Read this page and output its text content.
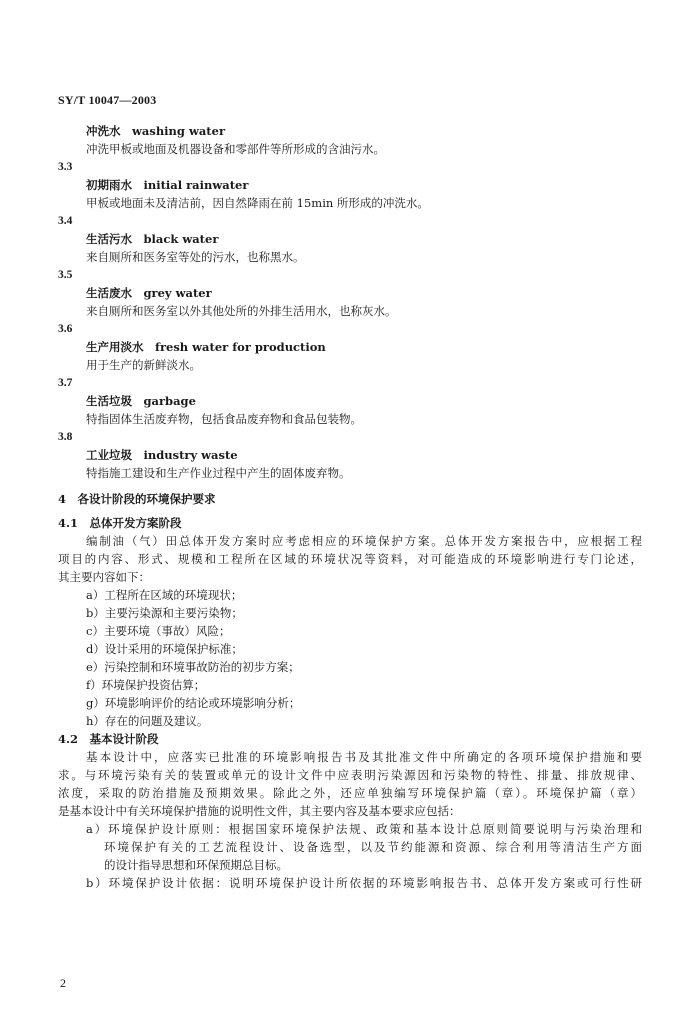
SY/T 10047—2003
冲洗水　washing water
冲洗甲板或地面及机器设备和零部件等所形成的含油污水。
3.3
初期雨水　initial rainwater
甲板或地面未及清洁前，因自然降雨在前 15min 所形成的冲洗水。
3.4
生活污水　black water
来自厕所和医务室等处的污水，也称黑水。
3.5
生活废水　grey water
来自厕所和医务室以外其他处所的外排生活用水，也称灰水。
3.6
生产用淡水　fresh water for production
用于生产的新鲜淡水。
3.7
生活垃圾　garbage
特指固体生活废弃物，包括食品废弃物和食品包装物。
3.8
工业垃圾　industry waste
特指施工建设和生产作业过程中产生的固体废弃物。
4　各设计阶段的环境保护要求
4.1　总体开发方案阶段
编制油（气）田总体开发方案时应考虑相应的环境保护方案。总体开发方案报告中，应根据工程
项目的内容、形式、规模和工程所在区域的环境状况等资料，对可能造成的环境影响进行专门论述，
其主要内容如下：
a）工程所在区域的环境现状；
b）主要污染源和主要污染物；
c）主要环境（事故）风险；
d）设计采用的环境保护标准；
e）污染控制和环境事故防治的初步方案；
f）环境保护投资估算；
g）环境影响评价的结论或环境影响分析；
h）存在的问题及建议。
4.2　基本设计阶段
基本设计中，应落实已批准的环境影响报告书及其批准文件中所确定的各项环境保护措施和要
求。与环境污染有关的装置或单元的设计文件中应表明污染源因和污染物的特性、排量、排放规律、
浓度，采取的防治措施及预期效果。除此之外，还应单独编写环境保护篇（章）。环境保护篇（章）
是基本设计中有关环境保护措施的说明性文件，其主要内容及基本要求应包括：
a）环境保护设计原则：根据国家环境保护法规、政策和基本设计总原则简要说明与污染治理和
环境保护有关的工艺流程设计、设备选型，以及节约能源和资源、综合利用等清洁生产方面
的设计指导思想和环保预期总目标。
b）环境保护设计依据：说明环境保护设计所依据的环境影响报告书、总体开发方案或可行性研
2
